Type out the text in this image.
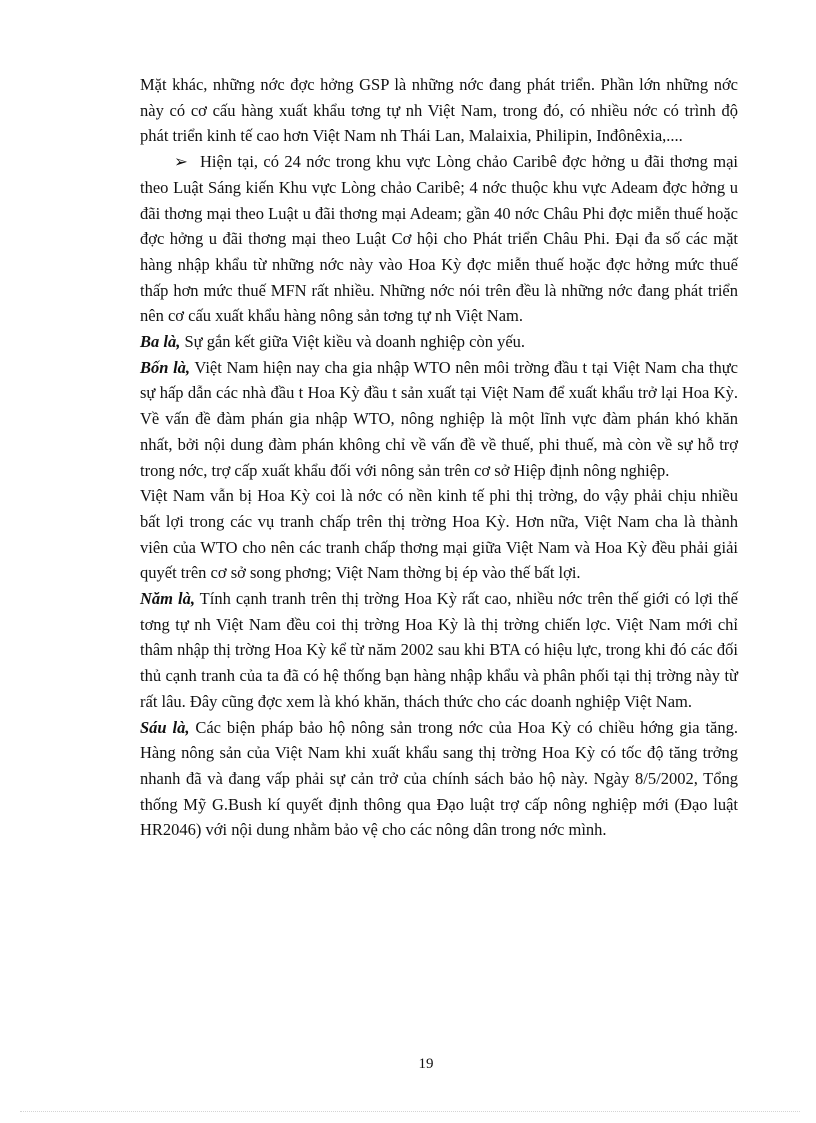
Mặt khác, những nớc đợc hởng GSP là những nớc đang phát triển. Phần lớn những nớc này có cơ cấu hàng xuất khẩu tơng tự nh Việt Nam, trong đó, có nhiều nớc có trình độ phát triển kinh tế cao hơn Việt Nam nh Thái Lan, Malaixia, Philipin, Inđônêxia,....

➢ Hiện tại, có 24 nớc trong khu vực Lòng chảo Caribê đợc hởng u đãi thơng mại theo Luật Sáng kiến Khu vực Lòng chảo Caribê; 4 nớc thuộc khu vực Adeam đợc hởng u đãi thơng mại theo Luật u đãi thơng mại Adeam; gần 40 nớc Châu Phi đợc miễn thuế hoặc đợc hởng u đãi thơng mại theo Luật Cơ hội cho Phát triển Châu Phi. Đại đa số các mặt hàng nhập khẩu từ những nớc này vào Hoa Kỳ đợc miễn thuế hoặc đợc hởng mức thuế thấp hơn mức thuế MFN rất nhiều. Những nớc nói trên đều là những nớc đang phát triển nên cơ cấu xuất khẩu hàng nông sản tơng tự nh Việt Nam.

Ba là, Sự gắn kết giữa Việt kiều và doanh nghiệp còn yếu.

Bốn là, Việt Nam hiện nay cha gia nhập WTO nên môi trờng đầu t tại Việt Nam cha thực sự hấp dẫn các nhà đầu t Hoa Kỳ đầu t sản xuất tại Việt Nam để xuất khẩu trở lại Hoa Kỳ. Về vấn đề đàm phán gia nhập WTO, nông nghiệp là một lĩnh vực đàm phán khó khăn nhất, bởi nội dung đàm phán không chỉ về vấn đề về thuế, phi thuế, mà còn về sự hỗ trợ trong nớc, trợ cấp xuất khẩu đối với nông sản trên cơ sở Hiệp định nông nghiệp.

Việt Nam vẫn bị Hoa Kỳ coi là nớc có nền kinh tế phi thị trờng, do vậy phải chịu nhiều bất lợi trong các vụ tranh chấp trên thị trờng Hoa Kỳ. Hơn nữa, Việt Nam cha là thành viên của WTO cho nên các tranh chấp thơng mại giữa Việt Nam và Hoa Kỳ đều phải giải quyết trên cơ sở song phơng; Việt Nam thờng bị ép vào thế bất lợi.

Năm là, Tính cạnh tranh trên thị trờng Hoa Kỳ rất cao, nhiều nớc trên thế giới có lợi thế tơng tự nh Việt Nam đều coi thị trờng Hoa Kỳ là thị trờng chiến lợc. Việt Nam mới chỉ thâm nhập thị trờng Hoa Kỳ kể từ năm 2002 sau khi BTA có hiệu lực, trong khi đó các đối thủ cạnh tranh của ta đã có hệ thống bạn hàng nhập khẩu và phân phối tại thị trờng này từ rất lâu. Đây cũng đợc xem là khó khăn, thách thức cho các doanh nghiệp Việt Nam.

Sáu là, Các biện pháp bảo hộ nông sản trong nớc của Hoa Kỳ có chiều hớng gia tăng. Hàng nông sản của Việt Nam khi xuất khẩu sang thị trờng Hoa Kỳ có tốc độ tăng trởng nhanh đã và đang vấp phải sự cản trở của chính sách bảo hộ này. Ngày 8/5/2002, Tổng thống Mỹ G.Bush kí quyết định thông qua Đạo luật trợ cấp nông nghiệp mới (Đạo luật HR2046) với nội dung nhằm bảo vệ cho các nông dân trong nớc mình.

19
